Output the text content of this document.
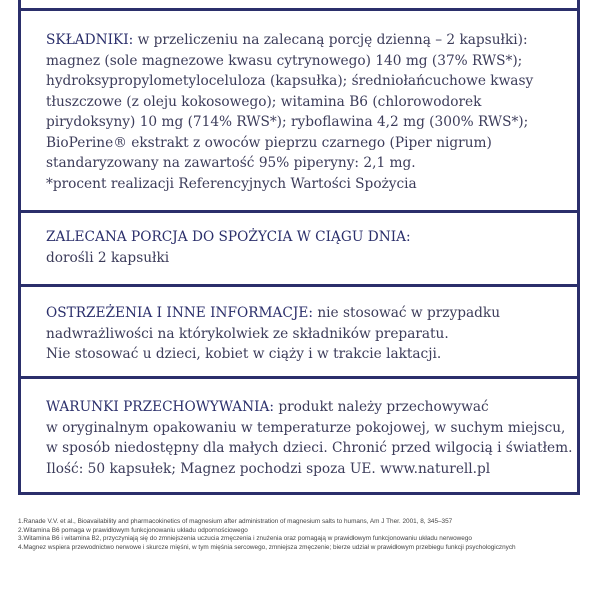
SKŁADNIKI: w przeliczeniu na zalecaną porcję dzienną – 2 kapsułki):

magnez (sole magnezowe kwasu cytrynowego) 140 mg (37% RWS*);

hydroksypropylometyloceluloza (kapsułka); średniołańcuchowe kwasy

tłuszczowe (z oleju kokosowego); witamina B6 (chlorowodorek

pirydoksyny) 10 mg (714% RWS*); ryboflawina 4,2 mg (300% RWS*);

BioPerine® ekstrakt z owoców pieprzu czarnego (Piper nigrum)

standaryzowany na zawartość 95% piperyny: 2,1 mg.

*procent realizacji Referencyjnych Wartości Spożycia

ZALECANA PORCJA DO SPOŻYCIA W CIĄGU DNIA:

dorośli 2 kapsułki

OSTRZEŻENIA I INNE INFORMACJE: nie stosować w przypadku

nadwrażliwości na którykolwiek ze składników preparatu.

Nie stosować u dzieci, kobiet w ciąży i w trakcie laktacji.

WARUNKI PRZECHOWYWANIA: produkt należy przechowywać

w oryginalnym opakowaniu w temperaturze pokojowej, w suchym miejscu,

w sposób niedostępny dla małych dzieci. Chronić przed wilgocią i światłem.

Ilość: 50 kapsułek; Magnez pochodzi spoza UE. www.naturell.pl

1.Ranade V.V. et al., Bioavailability and pharmacokinetics of magnesium after administration of magnesium salts to humans, Am J Ther. 2001, 8, 345–357
2.Witamina B6 pomaga w prawidłowym funkcjonowaniu układu odpornościowego
3.Witamina B6 i witamina B2, przyczyniają się do zmniejszenia uczucia zmęczenia i znużenia oraz pomagają w prawidłowym funkcjonowaniu układu nerwowego
4.Magnez wspiera przewodnictwo nerwowe i skurcze mięśni, w tym mięśnia sercowego, zmniejsza zmęczenie; bierze udział w prawidłowym przebiegu funkcji psychologicznych
